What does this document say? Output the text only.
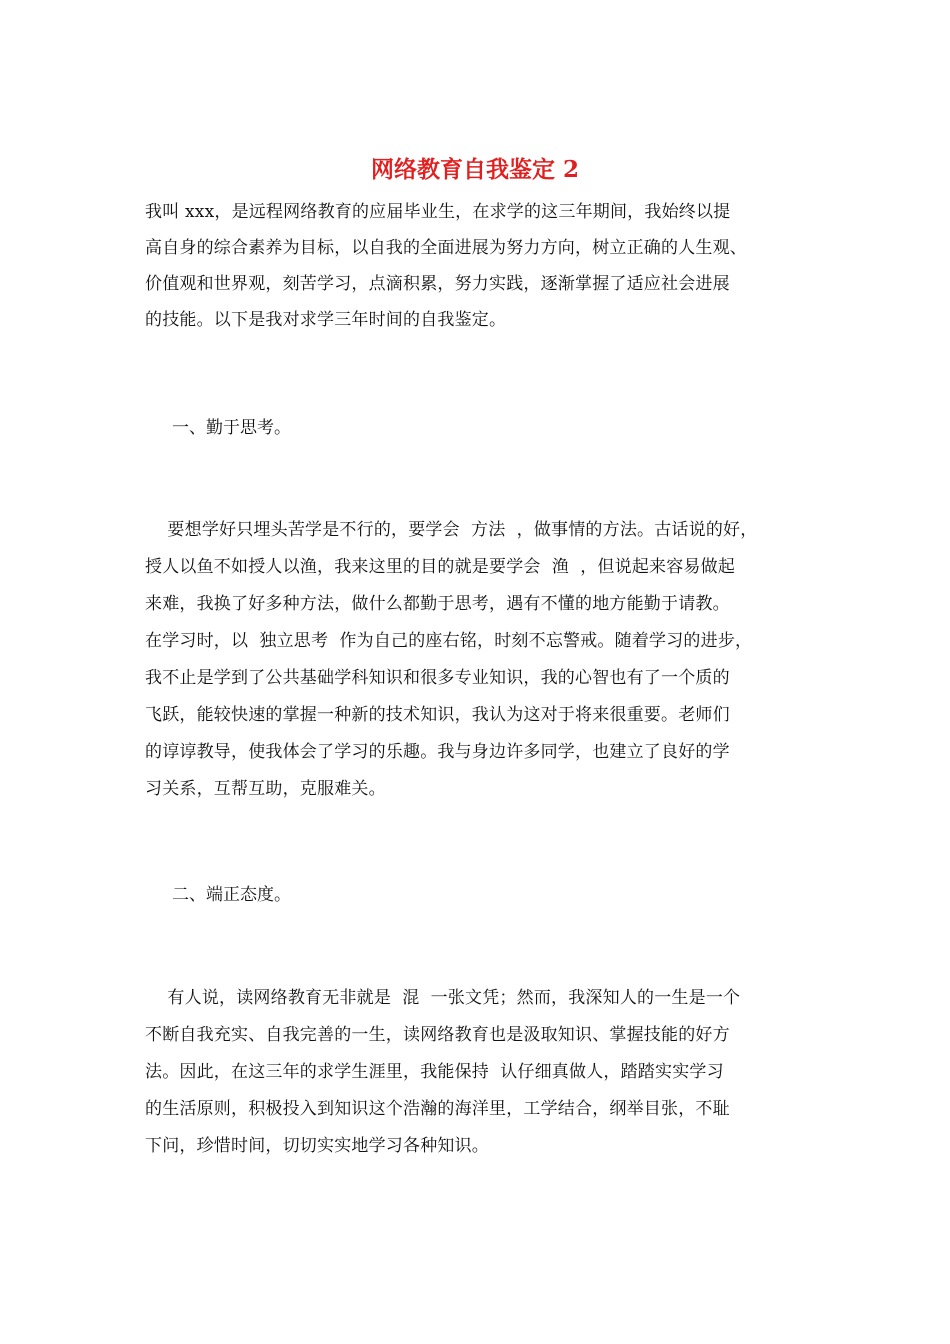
网络教育自我鉴定 2
我叫 xxx，是远程网络教育的应届毕业生，在求学的这三年期间，我始终以提
高自身的综合素养为目标，以自我的全面进展为努力方向，树立正确的人生观、
价值观和世界观，刻苦学习，点滴积累，努力实践，逐渐掌握了适应社会进展
的技能。以下是我对求学三年时间的自我鉴定。
一、勤于思考。
要想学好只埋头苦学是不行的，要学会  方法  ，做事情的方法。古话说的好，
授人以鱼不如授人以渔，我来这里的目的就是要学会  渔  ，但说起来容易做起
来难，我换了好多种方法，做什么都勤于思考，遇有不懂的地方能勤于请教。
在学习时，以  独立思考  作为自己的座右铭，时刻不忘警戒。随着学习的进步，
我不止是学到了公共基础学科知识和很多专业知识，我的心智也有了一个质的
飞跃，能较快速的掌握一种新的技术知识，我认为这对于将来很重要。老师们
的谆谆教导，使我体会了学习的乐趣。我与身边许多同学，也建立了良好的学
习关系，互帮互助，克服难关。
二、端正态度。
有人说，读网络教育无非就是  混  一张文凭；然而，我深知人的一生是一个
不断自我充实、自我完善的一生，读网络教育也是汲取知识、掌握技能的好方
法。因此，在这三年的求学生涯里，我能保持  认仔细真做人，踏踏实实学习
的生活原则，积极投入到知识这个浩瀚的海洋里，工学结合，纲举目张，不耻
下问，珍惜时间，切切实实地学习各种知识。
